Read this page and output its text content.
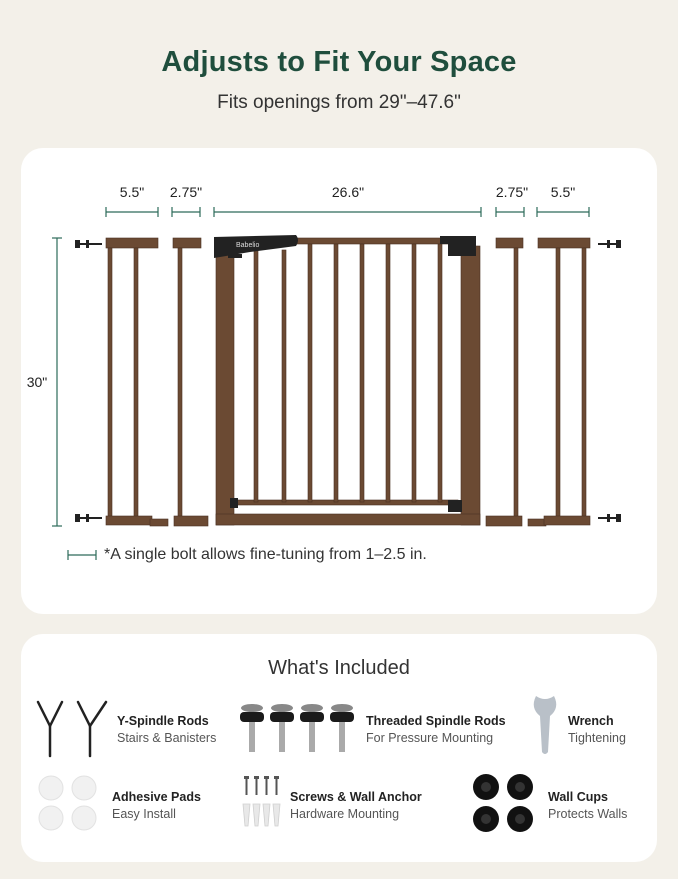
Adjusts to Fit Your Space
Fits openings from 29"–47.6"
5.5"	2.75"	26.6"	2.75"	5.5"
30"
Babelio
*A single bolt allows fine-tuning from 1–2.5 in.
What's Included
Y-Spindle Rods
Stairs & Banisters
Threaded Spindle Rods
For Pressure Mounting
Wrench
Tightening
Adhesive Pads
Easy Install
Screws & Wall Anchor
Hardware Mounting
Wall Cups
Protects Walls
